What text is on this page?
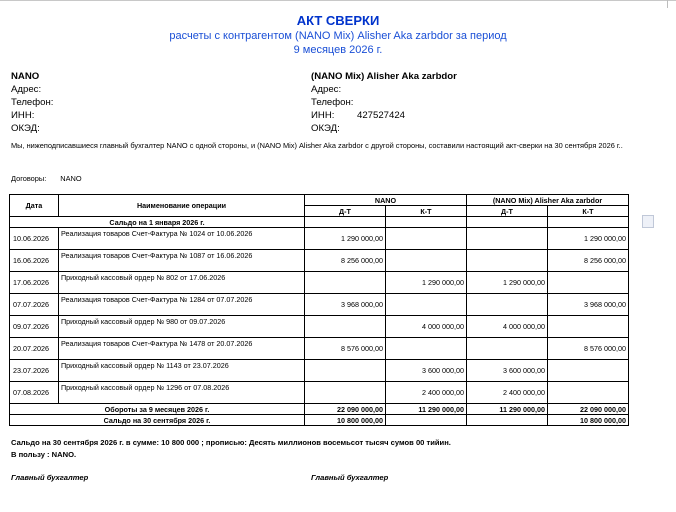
АКТ СВЕРКИ
расчеты с контрагентом (NANO Mix) Alisher Aka zarbdor за период
9 месяцев 2026 г.
NANO
Адрес:
Телефон:
ИНН:
ОКЭД:
(NANO Mix) Alisher Aka zarbdor
Адрес:
Телефон:
ИНН: 427527424
ОКЭД:
Мы, нижеподписавшиеся главный бухгалтер NANO с одной стороны, и (NANO Mix) Alisher Aka zarbdor с другой стороны, составили настоящий акт-сверки на 30 сентября 2026 г..
Договоры: NANO
Дата	Наименование операции	NANO		(NANO Mix) Alisher Aka zarbdor	
		Д-Т	К-Т	Д-Т	К-Т
Сальдо на 1 января 2026 г.					
10.06.2026	Реализация товаров Счет-Фактура № 1024 от 10.06.2026	1 290 000,00			1 290 000,00
16.06.2026	Реализация товаров Счет-Фактура № 1087 от 16.06.2026	8 256 000,00			8 256 000,00
17.06.2026	Приходный кассовый ордер № 802 от 17.06.2026		1 290 000,00	1 290 000,00	
07.07.2026	Реализация товаров Счет-Фактура № 1284 от 07.07.2026	3 968 000,00			3 968 000,00
09.07.2026	Приходный кассовый ордер № 980 от 09.07.2026		4 000 000,00	4 000 000,00	
20.07.2026	Реализация товаров Счет-Фактура № 1478 от 20.07.2026	8 576 000,00			8 576 000,00
23.07.2026	Приходный кассовый ордер № 1143 от 23.07.2026		3 600 000,00	3 600 000,00	
07.08.2026	Приходный кассовый ордер № 1296 от 07.08.2026		2 400 000,00	2 400 000,00	
Обороты за 9 месяцев 2026 г.		22 090 000,00	11 290 000,00	11 290 000,00	22 090 000,00
Сальдо на 30 сентября 2026 г.		10 800 000,00			10 800 000,00
Сальдо на 30 сентября 2026 г. в сумме: 10 800 000 ; прописью: Десять миллионов восемьсот тысяч сумов 00 тийин.
В пользу : NANO.
Главный бухгалтер	Главный бухгалтер
